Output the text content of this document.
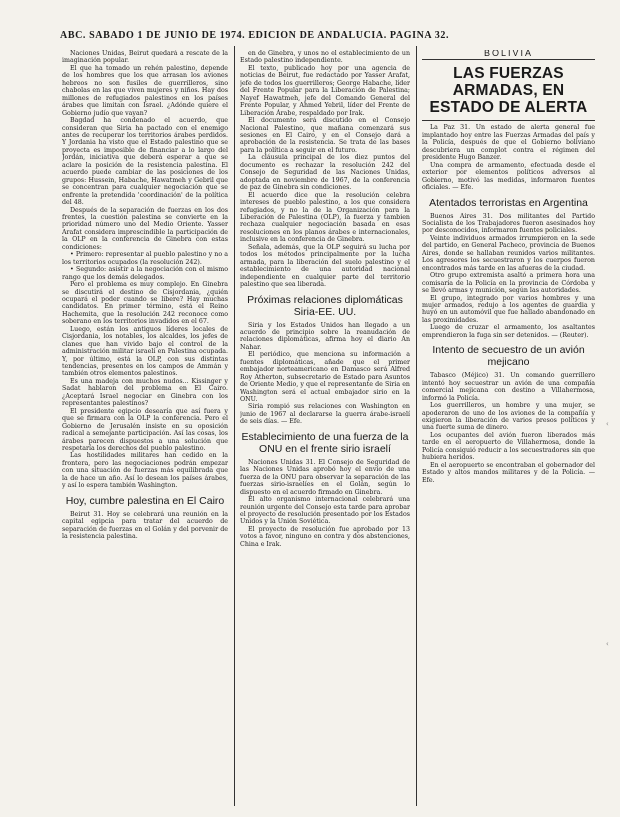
ABC. SABADO 1 DE JUNIO DE 1974. EDICION DE ANDALUCIA. PAGINA 32.

Naciones Unidas, Beirut quedará a rescate de la imaginación popular.

El que ha tomado un rehén palestino, depende de los hombres que los que arrasan los aviones hebreos no son fusiles de guerrilleros, sino chabolas en las que viven mujeres y niños. Hay dos millones de refugiados palestinos en los países árabes que limitan con Israel. ¿Adónde quiere el Gobierno judío que vayan?

Bagdad ha condenado el acuerdo, que consideran que Siria ha pactado con el enemigo antes de recuperar los territorios árabes perdidos. Y Jordania ha visto que el Estado palestino que se proyecta es imposible de financiar a lo largo del Jordán, iniciativa que deberá esperar a que se aclare la posición de la resistencia palestina. El acuerdo puede cambiar de las posiciones de los grupos: Hussein, Habache, Hawatmeh y Gebril que se concentran para cualquier negociación que se enfrente la pretendida 'coordinación' de la política del 48.

Después de la separación de fuerzas en los dos frentes, la cuestión palestina se convierte en la prioridad número uno del Medio Oriente. Yasser Arafat considera imprescindible la participación de la OLP en la conferencia de Ginebra con estas condiciones:

• Primero: representar al pueblo palestino y no a los territorios ocupados (la resolución 242).

• Segundo: asistir a la negociación con el mismo rango que los demás delegados.

Pero el problema es muy complejo. En Ginebra se discutirá el destino de Cisjordania, ¿quién ocupará el poder cuando se libere? Hay muchas candidatos. En primer término, está el Reino Hachemita, que la resolución 242 reconoce como soberano en los territorios invadidos en el 67.

Luego, están los antiguos líderes locales de Cisjordania, los notables, los alcaldes, los jefes de clanes que han vivido bajo el control de la administración militar israelí en Palestina ocupada. Y, por último, está la OLP, con sus distintas tendencias, presentes en los campos de Ammán y también otros elementos palestinos.

Es una madeja con muchos nudos... Kissinger y Sadat hablaron del problema en El Cairo. ¿Aceptará Israel negociar en Ginebra con los representantes palestinos?

El presidente egipcio desearía que así fuera y que se firmara con la OLP la conferencia. Pero el Gobierno de Jerusalén insiste en su oposición radical a semejante participación. Así las cosas, los árabes parecen dispuestos a una solución que respetaría los derechos del pueblo palestino.

Las hostilidades militares han cedido en la frontera, pero las negociaciones podrán empezar con una situación de fuerzas más equilibrada que la de hace un año. Así lo desean los países árabes, y así lo espera también Washington.

Hoy, cumbre palestina en El Cairo

Beirut 31. Hoy se celebrará una reunión en la capital egipcia para tratar del acuerdo de separación de fuerzas en el Golán y del porvenir de la resistencia palestina.

en de Ginebra, y unos no el establecimiento de un Estado palestino independiente.

El texto, publicado hoy por una agencia de noticias de Beirut, fue redactado por Yasser Arafat, jefe de todos los guerrilleros; George Habache, líder del Frente Popular para la Liberación de Palestina; Nayef Hawatmeh, jefe del Comando General del Frente Popular, y Ahmed Yebril, líder del Frente de Liberación Árabe, respaldado por Irak.

El documento será discutido en el Consejo Nacional Palestino, que mañana comenzará sus sesiones en El Cairo, y en el Consejo dará a aprobación de la resistencia. Se trata de las bases para la política a seguir en el futuro.

La cláusula principal de los diez puntos del documento es rechazar la resolución 242 del Consejo de Seguridad de las Naciones Unidas, adoptada en noviembre de 1967, de la conferencia de paz de Ginebra sin condiciones.

El acuerdo dice que la resolución celebra intereses de pueblo palestino, a los que considera refugiados, y no la de la Organización para la Liberación de Palestina (OLP), la fuerza y tambien rechaza cualquier negociación basada en esas resoluciones en los planos árabes e internacionales, inclusive en la conferencia de Ginebra.

Señala, además, que la OLP seguirá su lucha por todos los métodos principalmente por la lucha armada, para la liberación del suelo palestino y el establecimiento de una autoridad nacional independiente en cualquier parte del territorio palestino que sea liberada.

Próximas relaciones diplomáticas Siria-EE. UU.

Siria y los Estados Unidos han llegado a un acuerdo de principio sobre la reanudación de relaciones diplomáticas, afirma hoy el diario An Nahar.

El periódico, que menciona su información a fuentes diplomáticas, añade que el primer embajador norteamericano en Damasco será Alfred Roy Atherton, subsecretario de Estado para Asuntos de Oriente Medio, y que el representante de Siria en Washington será el actual embajador sirio en la ONU.

Siria rompió sus relaciones con Washington en junio de 1967 al declararse la guerra árabe-israelí de seis días. — Efe.

Establecimiento de una fuerza de la ONU en el frente sirio israelí

Naciones Unidas 31. El Consejo de Seguridad de las Naciones Unidas aprobó hoy el envío de una fuerza de la ONU para observar la separación de las fuerzas sirio-israelíes en el Golán, según lo dispuesto en el acuerdo firmado en Ginebra.

El alto organismo internacional celebrará una reunión urgente del Consejo esta tarde para aprobar el proyecto de resolución presentado por los Estados Unidos y la Unión Soviética.

El proyecto de resolución fue aprobado por 13 votos a favor, ninguno en contra y dos abstenciones, China e Irak.

BOLIVIA
LAS FUERZAS ARMADAS, EN ESTADO DE ALERTA

La Paz 31. Un estado de alerta general fue implantado hoy entre las Fuerzas Armadas del país y la Policía, después de que el Gobierno boliviano descubriera un complot contra el régimen del presidente Hugo Banzer.

Una compra de armamento, efectuada desde el exterior por elementos políticos adversos al Gobierno, motivó las medidas, informaron fuentes oficiales. — Efe.

Atentados terroristas en Argentina

Buenos Aires 31. Dos militantes del Partido Socialista de los Trabajadores fueron asesinados hoy por desconocidos, informaron fuentes policiales.

Veinte individuos armados irrumpieron en la sede del partido, en General Pacheco, provincia de Buenos Aires, donde se hallaban reunidos varios militantes. Los agresores los secuestraron y los cuerpos fueron encontrados más tarde en las afueras de la ciudad.

Otro grupo extremista asaltó a primera hora una comisaría de la Policía en la provincia de Córdoba y se llevó armas y munición, según las autoridades.

El grupo, integrado por varios hombres y una mujer armados, redujo a los agentes de guardia y huyó en un automóvil que fue hallado abandonado en las proximidades.

Luego de cruzar el armamento, los asaltantes emprendieron la fuga sin ser detenidos. — (Reuter).

Intento de secuestro de un avión mejicano

Tabasco (Méjico) 31. Un comando guerrillero intentó hoy secuestrar un avión de una compañía comercial mejicana con destino a Villahermosa, informó la Policía.

Los guerrilleros, un hombre y una mujer, se apoderaron de uno de los aviones de la compañía y exigieron la liberación de varios presos políticos y una fuerte suma de dinero.

Los ocupantes del avión fueron liberados más tarde en el aeropuerto de Villahermosa, donde la Policía consiguió reducir a los secuestradores sin que hubiera heridos.

En el aeropuerto se encontraban el gobernador del Estado y altos mandos militares y de la Policía. — Efe.

‹
‹
